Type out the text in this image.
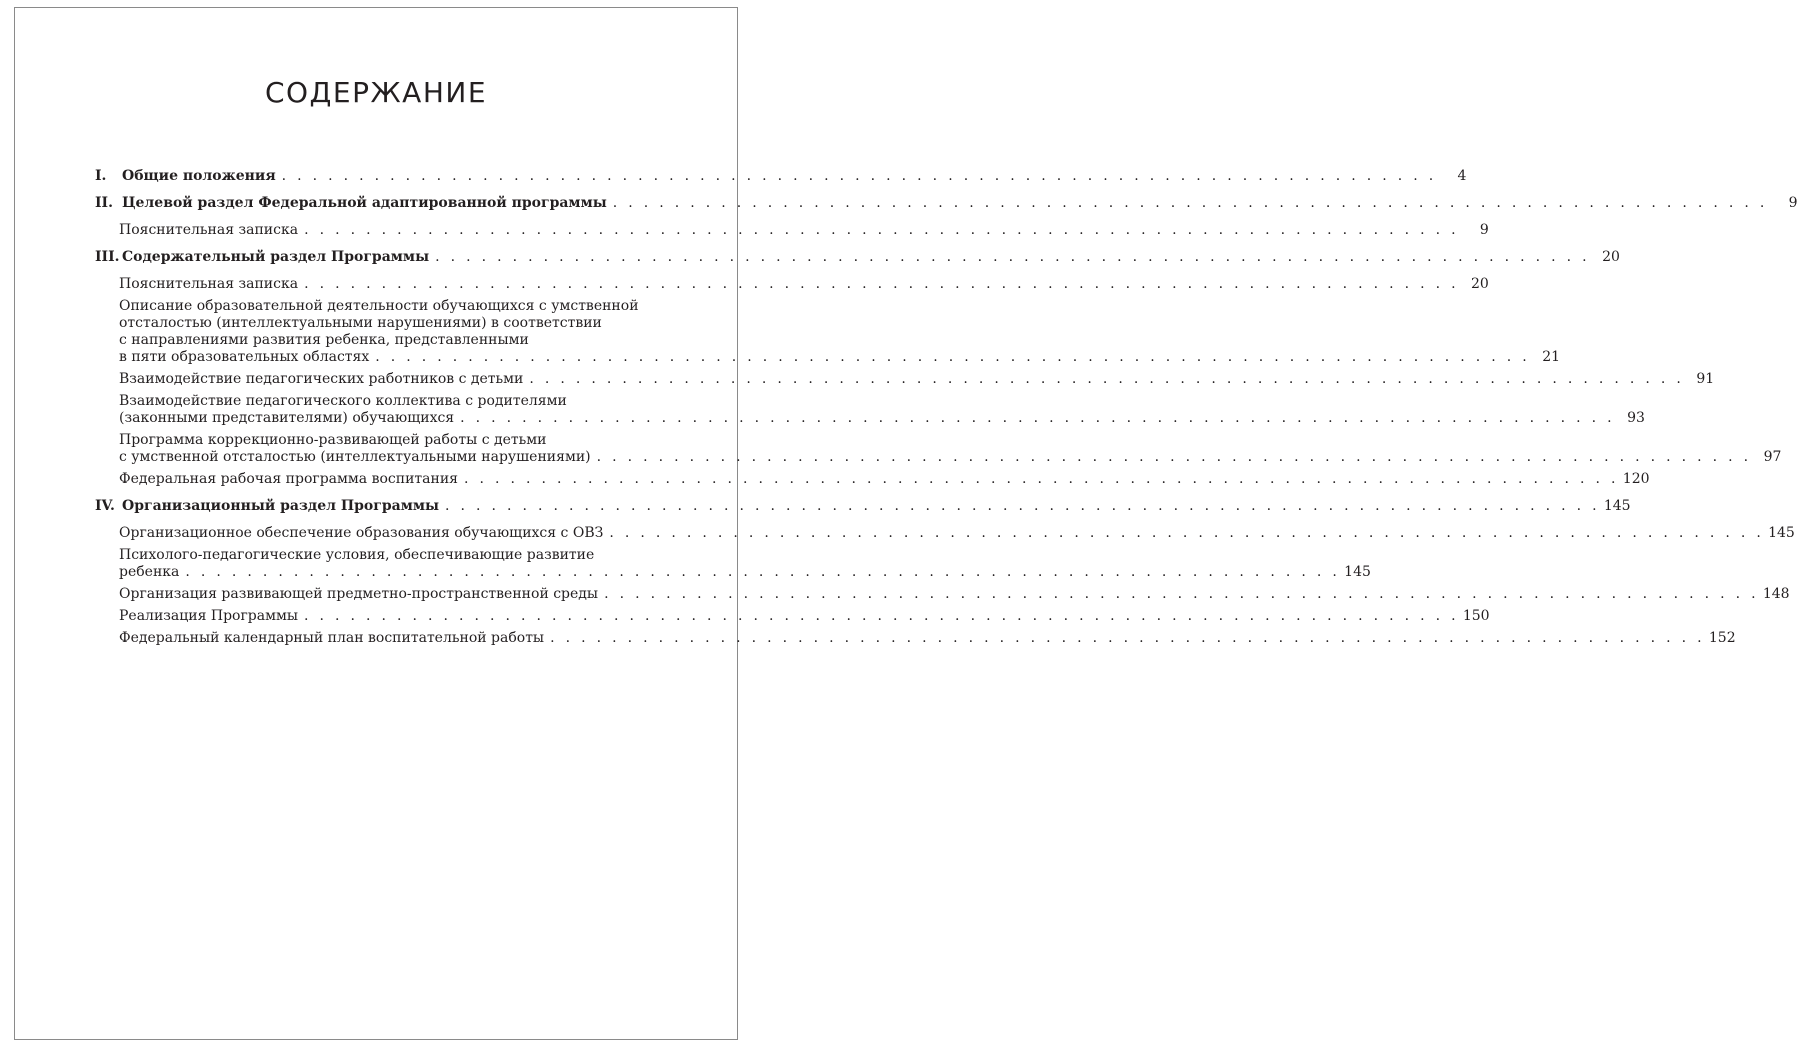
СОДЕРЖАНИЕ
I.	Общие положения . . . . . . . . . . . . . . . . . . . . . . . . . . . . . . . . . . . . . . . . . . . . . . . . . . . . . . . . . . . . . . . . . . . . . . . . . . .	4
II. Целевой раздел Федеральной адаптированной программы . . . . . . . . . . . . . . . . . . . . . . . . . . . . . . . . . . . . . . . . . . . . . . . . . . . . . . . . . . . . . . . . . . . . . . . . . . .	9
Пояснительная записка . . . . . . . . . . . . . . . . . . . . . . . . . . . . . . . . . . . . . . . . . . . . . . . . . . . . . . . . . . . . . . . . . . . . . . . . . . .	9
III. Содержательный раздел Программы . . . . . . . . . . . . . . . . . . . . . . . . . . . . . . . . . . . . . . . . . . . . . . . . . . . . . . . . . . . . . . . . . . . . . . . . . . . 20
Пояснительная записка . . . . . . . . . . . . . . . . . . . . . . . . . . . . . . . . . . . . . . . . . . . . . . . . . . . . . . . . . . . . . . . . . . . . . . . . . . . 20
Описание образовательной деятельности обучающихся с умственной
отсталостью (интеллектуальными нарушениями) в соответствии
с направлениями развития ребенка, представленными
в пяти образовательных областях . . . . . . . . . . . . . . . . . . . . . . . . . . . . . . . . . . . . . . . . . . . . . . . . . . . . . . . . . . . . . . . . . . . . . . . . . . . 21
Взаимодействие педагогических работников с детьми . . . . . . . . . . . . . . . . . . . . . . . . . . . . . . . . . . . . . . . . . . . . . . . . . . . . . . . . . . . . . . . . . . . . . . . . . . . 91
Взаимодействие педагогического коллектива с родителями
(законными представителями) обучающихся . . . . . . . . . . . . . . . . . . . . . . . . . . . . . . . . . . . . . . . . . . . . . . . . . . . . . . . . . . . . . . . . . . . . . . . . . . . 93
Программа коррекционно-развивающей работы с детьми
с умственной отсталостью (интеллектуальными нарушениями) . . . . . . . . . . . . . . . . . . . . . . . . . . . . . . . . . . . . . . . . . . . . . . . . . . . . . . . . . . . . . . . . . . . . . . . . . . . 97
Федеральная рабочая программа воспитания . . . . . . . . . . . . . . . . . . . . . . . . . . . . . . . . . . . . . . . . . . . . . . . . . . . . . . . . . . . . . . . . . . . . . . . . . . . 120
IV. Организационный раздел Программы . . . . . . . . . . . . . . . . . . . . . . . . . . . . . . . . . . . . . . . . . . . . . . . . . . . . . . . . . . . . . . . . . . . . . . . . . . . 145
Организационное обеспечение образования обучающихся с ОВЗ . . . . . . . . . . . . . . . . . . . . . . . . . . . . . . . . . . . . . . . . . . . . . . . . . . . . . . . . . . . . . . . . . . . . . . . . . . . 145
Психолого-педагогические условия, обеспечивающие развитие
ребенка . . . . . . . . . . . . . . . . . . . . . . . . . . . . . . . . . . . . . . . . . . . . . . . . . . . . . . . . . . . . . . . . . . . . . . . . . . . 145
Организация развивающей предметно-пространственной среды . . . . . . . . . . . . . . . . . . . . . . . . . . . . . . . . . . . . . . . . . . . . . . . . . . . . . . . . . . . . . . . . . . . . . . . . . . . 148
Реализация Программы . . . . . . . . . . . . . . . . . . . . . . . . . . . . . . . . . . . . . . . . . . . . . . . . . . . . . . . . . . . . . . . . . . . . . . . . . . . 150
Федеральный календарный план воспитательной работы . . . . . . . . . . . . . . . . . . . . . . . . . . . . . . . . . . . . . . . . . . . . . . . . . . . . . . . . . . . . . . . . . . . . . . . . . . . 152
